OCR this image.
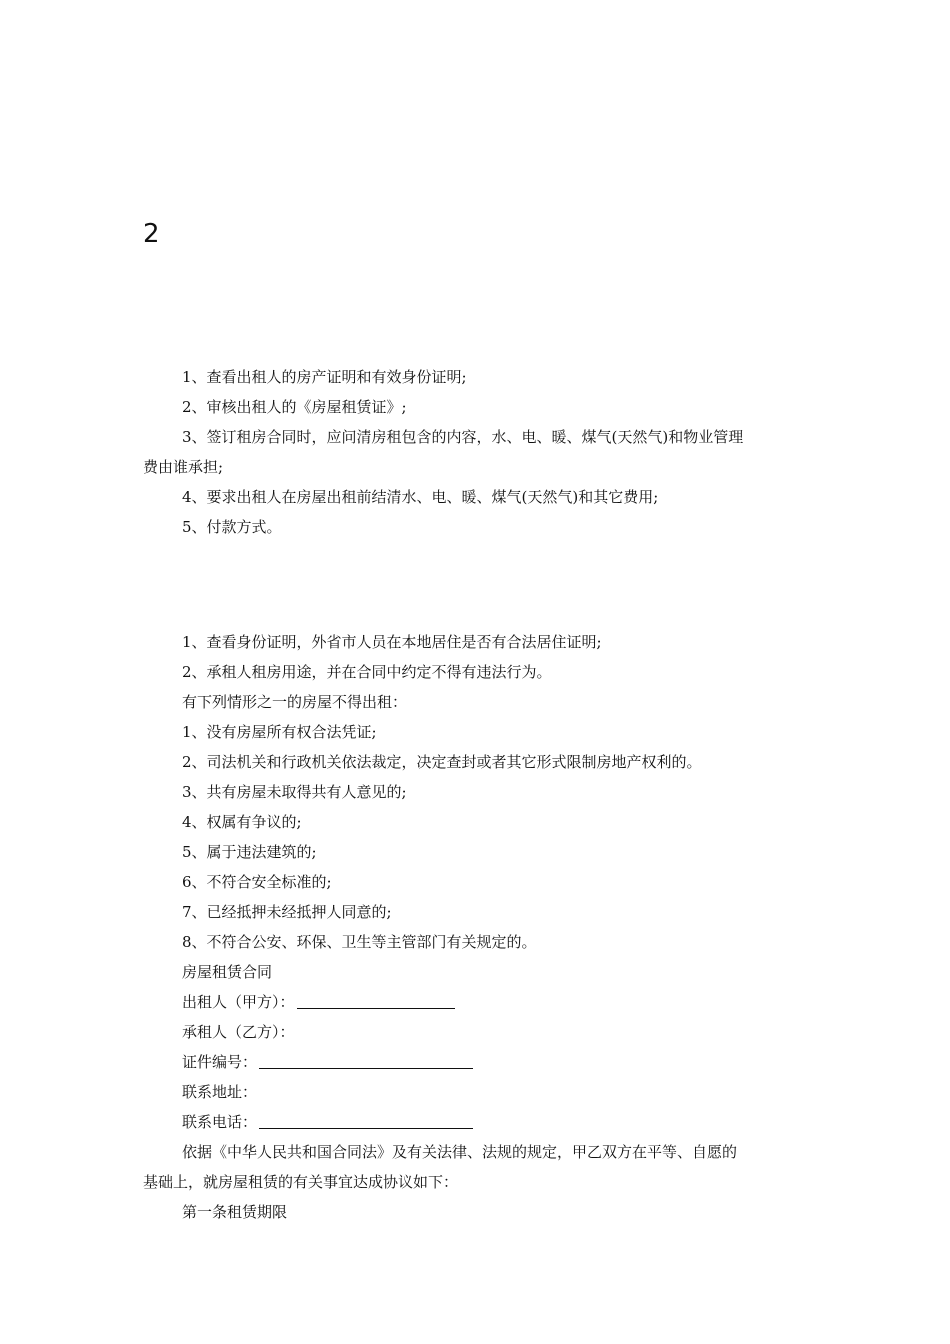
2
1、查看出租人的房产证明和有效身份证明;
2、审核出租人的《房屋租赁证》;
3、签订租房合同时，应问清房租包含的内容，水、电、暖、煤气(天然气)和物业管理
费由谁承担;
4、要求出租人在房屋出租前结清水、电、暖、煤气(天然气)和其它费用;
5、付款方式。
1、查看身份证明，外省市人员在本地居住是否有合法居住证明;
2、承租人租房用途，并在合同中约定不得有违法行为。
有下列情形之一的房屋不得出租：
1、没有房屋所有权合法凭证;
2、司法机关和行政机关依法裁定，决定查封或者其它形式限制房地产权利的。
3、共有房屋未取得共有人意见的;
4、权属有争议的;
5、属于违法建筑的;
6、不符合安全标准的;
7、已经抵押未经抵押人同意的;
8、不符合公安、环保、卫生等主管部门有关规定的。
房屋租赁合同
出租人（甲方）：
承租人（乙方）：
证件编号：
联系地址：
联系电话：
依据《中华人民共和国合同法》及有关法律、法规的规定，甲乙双方在平等、自愿的
基础上，就房屋租赁的有关事宜达成协议如下：
第一条租赁期限
